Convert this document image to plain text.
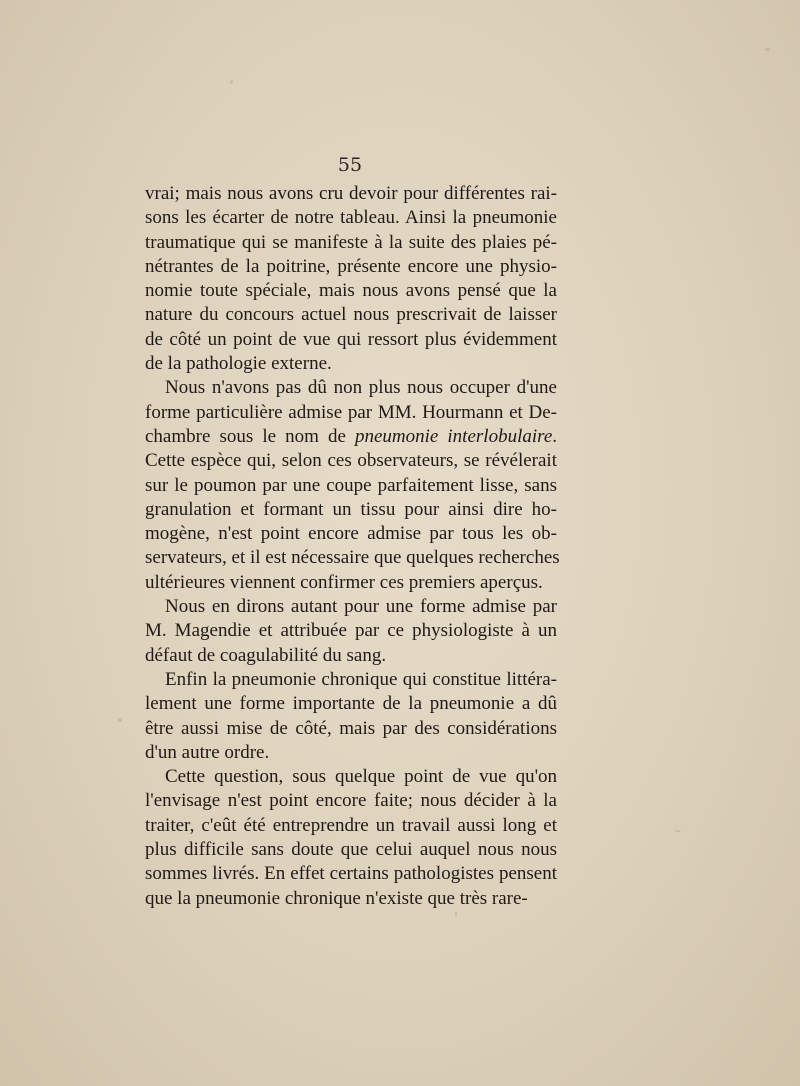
55
vrai; mais nous avons cru devoir pour différentes rai-
sons les écarter de notre tableau. Ainsi la pneumonie
traumatique qui se manifeste à la suite des plaies pé-
nétrantes de la poitrine, présente encore une physio-
nomie toute spéciale, mais nous avons pensé que la
nature du concours actuel nous prescrivait de laisser
de côté un point de vue qui ressort plus évidemment
de la pathologie externe.
Nous n'avons pas dû non plus nous occuper d'une
forme particulière admise par MM. Hourmann et De-
chambre sous le nom de pneumonie interlobulaire.
Cette espèce qui, selon ces observateurs, se révélerait
sur le poumon par une coupe parfaitement lisse, sans
granulation et formant un tissu pour ainsi dire ho-
mogène, n'est point encore admise par tous les ob-
servateurs, et il est nécessaire que quelques recherches
ultérieures viennent confirmer ces premiers aperçus.
Nous en dirons autant pour une forme admise par
M. Magendie et attribuée par ce physiologiste à un
défaut de coagulabilité du sang.
Enfin la pneumonie chronique qui constitue littéra-
lement une forme importante de la pneumonie a dû
être aussi mise de côté, mais par des considérations
d'un autre ordre.
Cette question, sous quelque point de vue qu'on
l'envisage n'est point encore faite; nous décider à la
traiter, c'eût été entreprendre un travail aussi long et
plus difficile sans doute que celui auquel nous nous
sommes livrés. En effet certains pathologistes pensent
que la pneumonie chronique n'existe que très rare-
